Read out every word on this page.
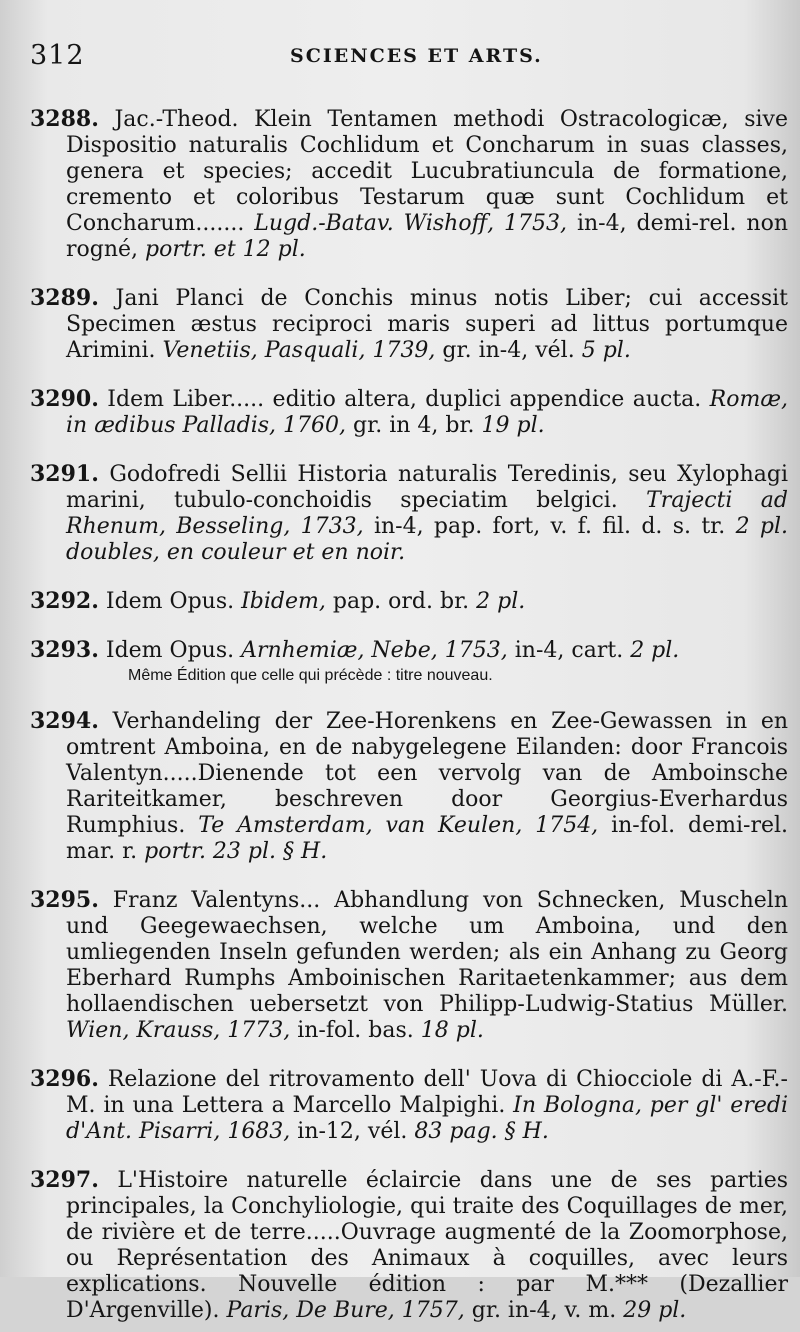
312	SCIENCES ET ARTS.

3288. Jac.-Theod. Klein Tentamen methodi Ostracologicæ, sive Dispositio naturalis Cochlidum et Concharum in suas classes, genera et species; accedit Lucubratiuncula de formatione, cremento et coloribus Testarum quæ sunt Cochlidum et Concharum....... Lugd.-Batav. Wishoff, 1753, in-4, demi-rel. non rogné, portr. et 12 pl.

3289. Jani Planci de Conchis minus notis Liber; cui accessit Specimen æstus reciproci maris superi ad littus portumque Arimini. Venetiis, Pasquali, 1739, gr. in-4, vél. 5 pl.

3290. Idem Liber..... editio altera, duplici appendice aucta. Romæ, in ædibus Palladis, 1760, gr. in 4, br. 19 pl.

3291. Godofredi Sellii Historia naturalis Teredinis, seu Xylophagi marini, tubulo-conchoidis speciatim belgici. Trajecti ad Rhenum, Besseling, 1733, in-4, pap. fort, v. f. fil. d. s. tr. 2 pl. doubles, en couleur et en noir.

3292. Idem Opus. Ibidem, pap. ord. br. 2 pl.

3293. Idem Opus. Arnhemiæ, Nebe, 1753, in-4, cart. 2 pl.

Même Édition que celle qui précède : titre nouveau.

3294. Verhandeling der Zee-Horenkens en Zee-Gewassen in en omtrent Amboina, en de nabygelegene Eilanden: door Francois Valentyn.....Dienende tot een vervolg van de Amboinsche Rariteitkamer, beschreven door Georgius-Everhardus Rumphius. Te Amsterdam, van Keulen, 1754, in-fol. demi-rel. mar. r. portr. 23 pl. § H.

3295. Franz Valentyns... Abhandlung von Schnecken, Muscheln und Geegewaechsen, welche um Amboina, und den umliegenden Inseln gefunden werden; als ein Anhang zu Georg Eberhard Rumphs Amboinischen Raritaetenkammer; aus dem hollaendischen uebersetzt von Philipp-Ludwig-Statius Müller. Wien, Krauss, 1773, in-fol. bas. 18 pl.

3296. Relazione del ritrovamento dell' Uova di Chiocciole di A.-F.-M. in una Lettera a Marcello Malpighi. In Bologna, per gl' eredi d'Ant. Pisarri, 1683, in-12, vél. 83 pag. § H.

3297. L'Histoire naturelle éclaircie dans une de ses parties principales, la Conchyliologie, qui traite des Coquillages de mer, de rivière et de terre.....Ouvrage augmenté de la Zoomorphose, ou Représentation des Animaux à coquilles, avec leurs explications. Nouvelle édition : par M.*** (Dezallier D'Argenville). Paris, De Bure, 1757, gr. in-4, v. m. 29 pl.
